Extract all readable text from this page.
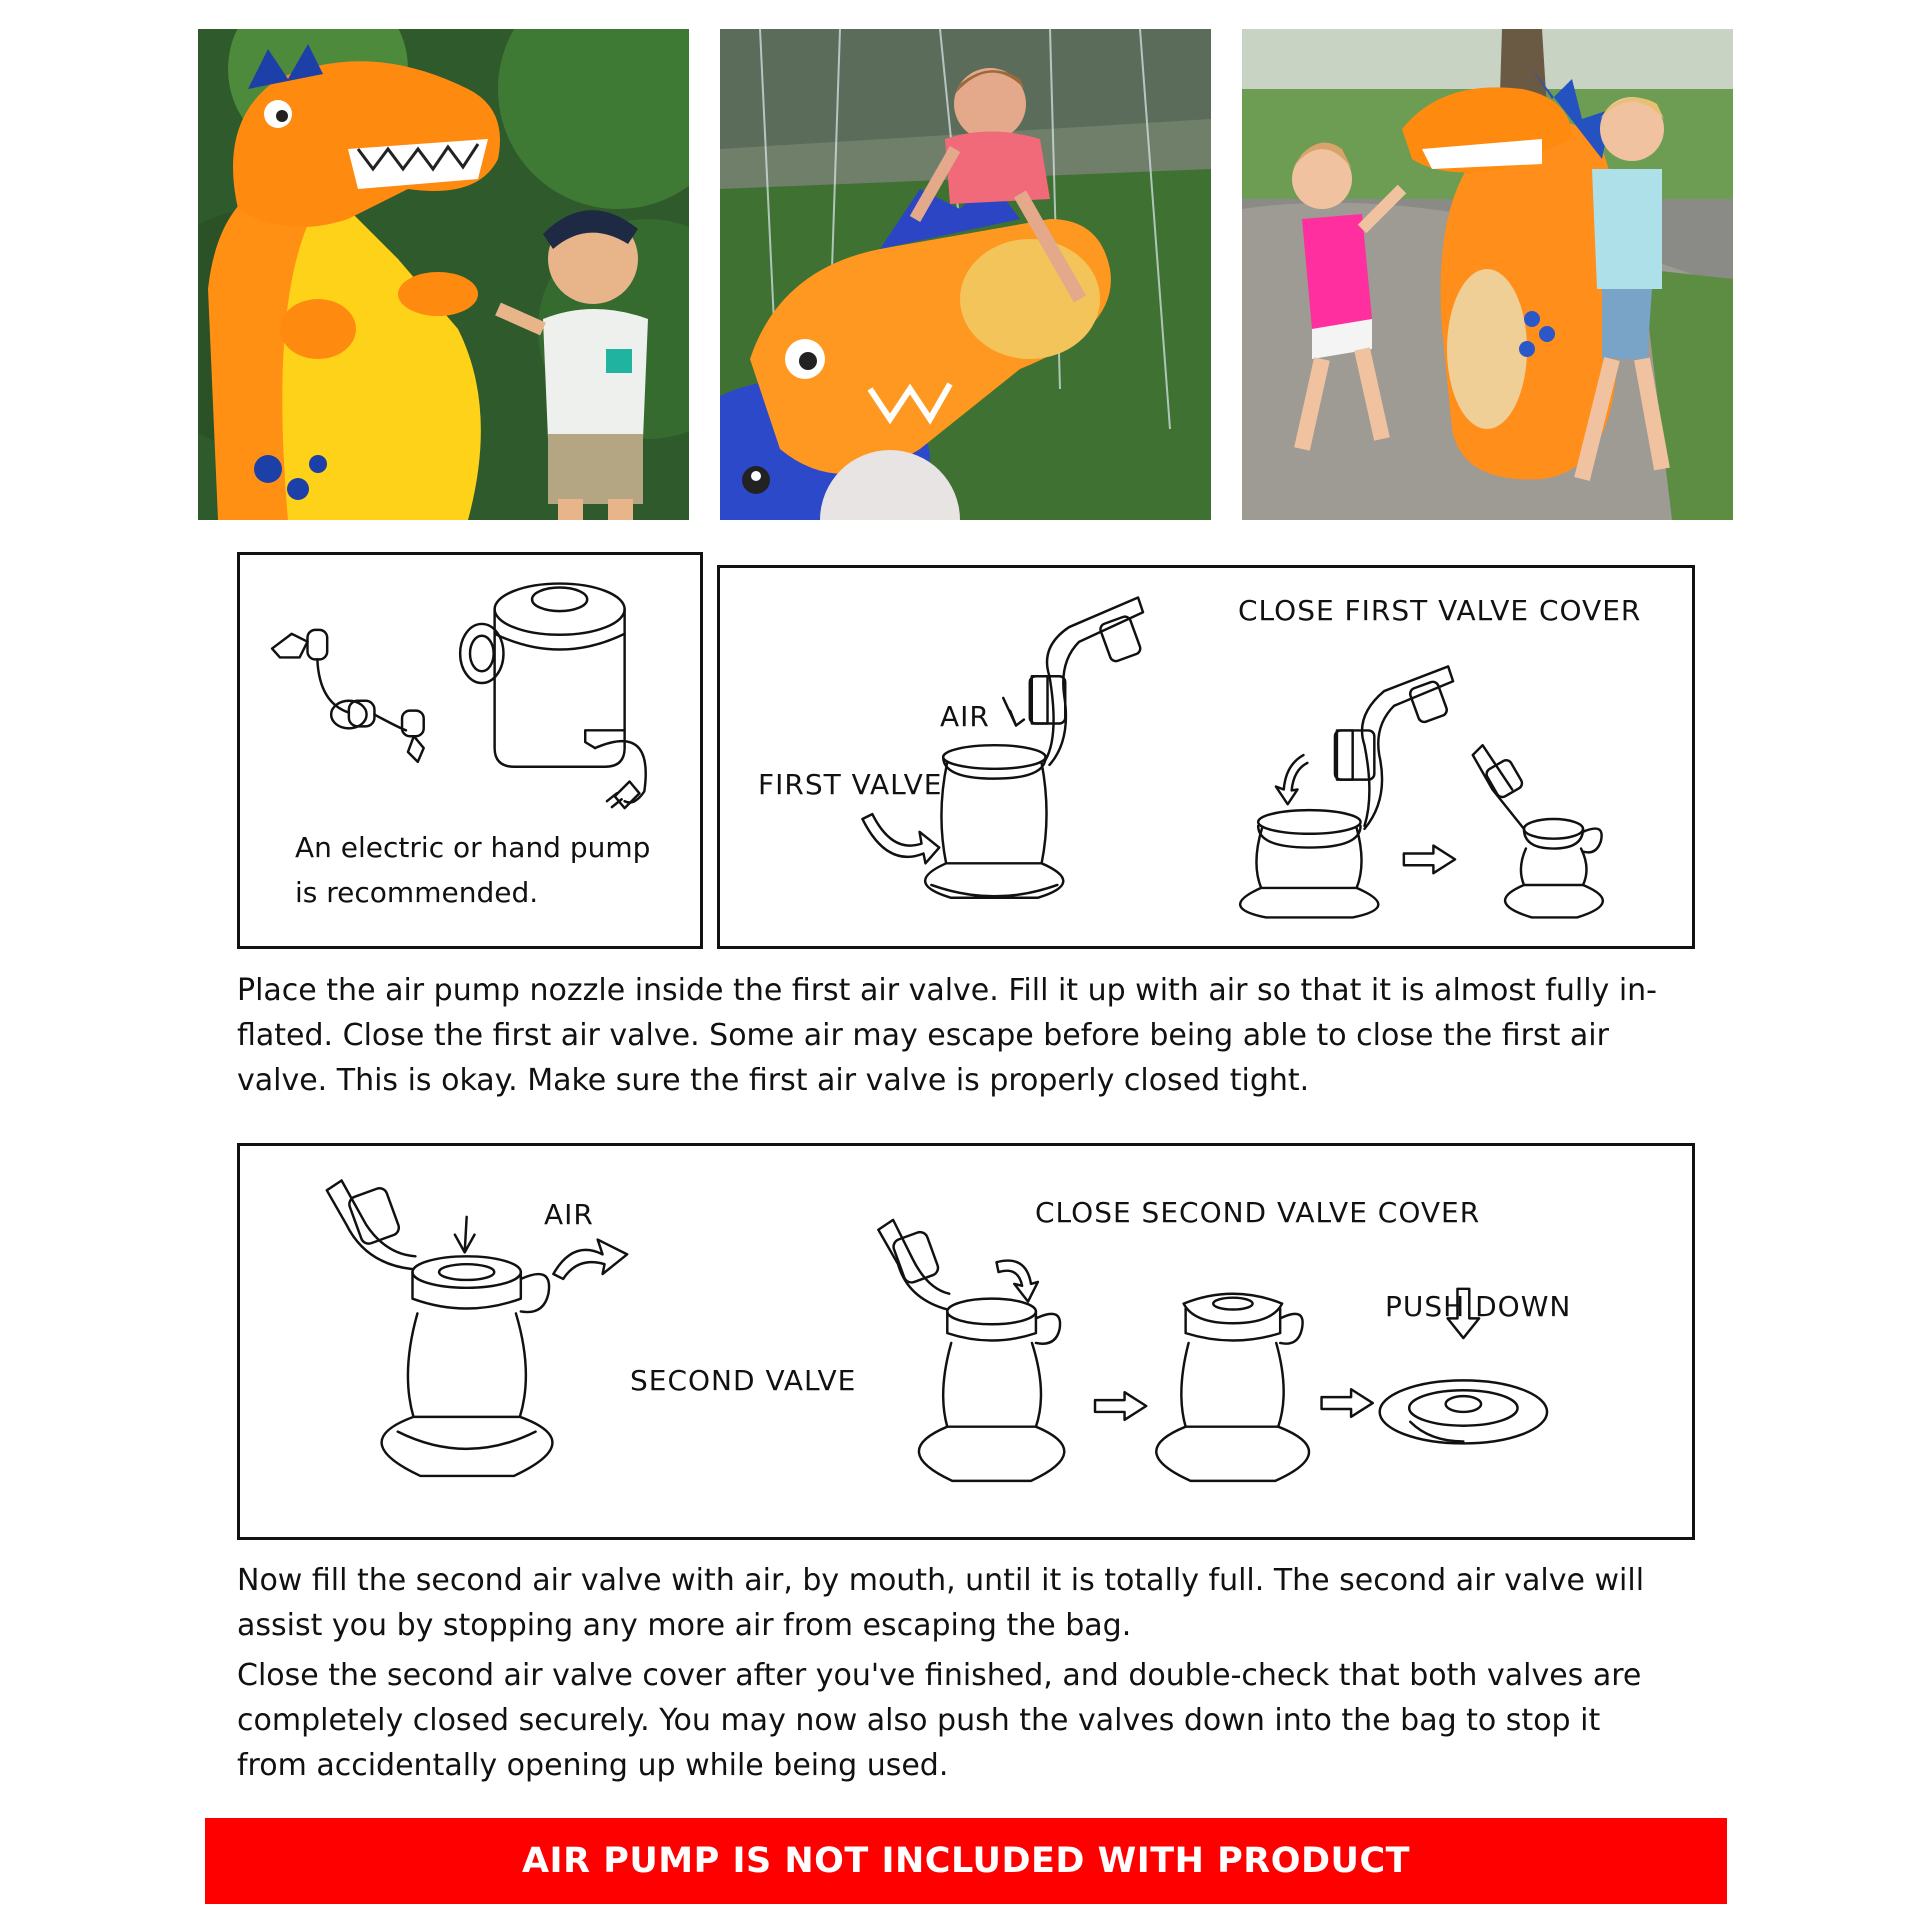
An electric or hand pump
is recommended.
CLOSE FIRST VALVE COVER
AIR
FIRST VALVE
Place the air pump nozzle inside the first air valve. Fill it up with air so that it is almost fully in-
flated. Close the first air valve. Some air may escape before being able to close the first air
valve. This is okay. Make sure the first air valve is properly closed tight.
AIR
SECOND VALVE
CLOSE SECOND VALVE COVER
PUSH DOWN
Now fill the second air valve with air, by mouth, until it is totally full. The second air valve will
assist you by stopping any more air from escaping the bag.
Close the second air valve cover after you've finished, and double-check that both valves are
completely closed securely. You may now also push the valves down into the bag to stop it
from accidentally opening up while being used.
AIR PUMP IS NOT INCLUDED WITH PRODUCT
